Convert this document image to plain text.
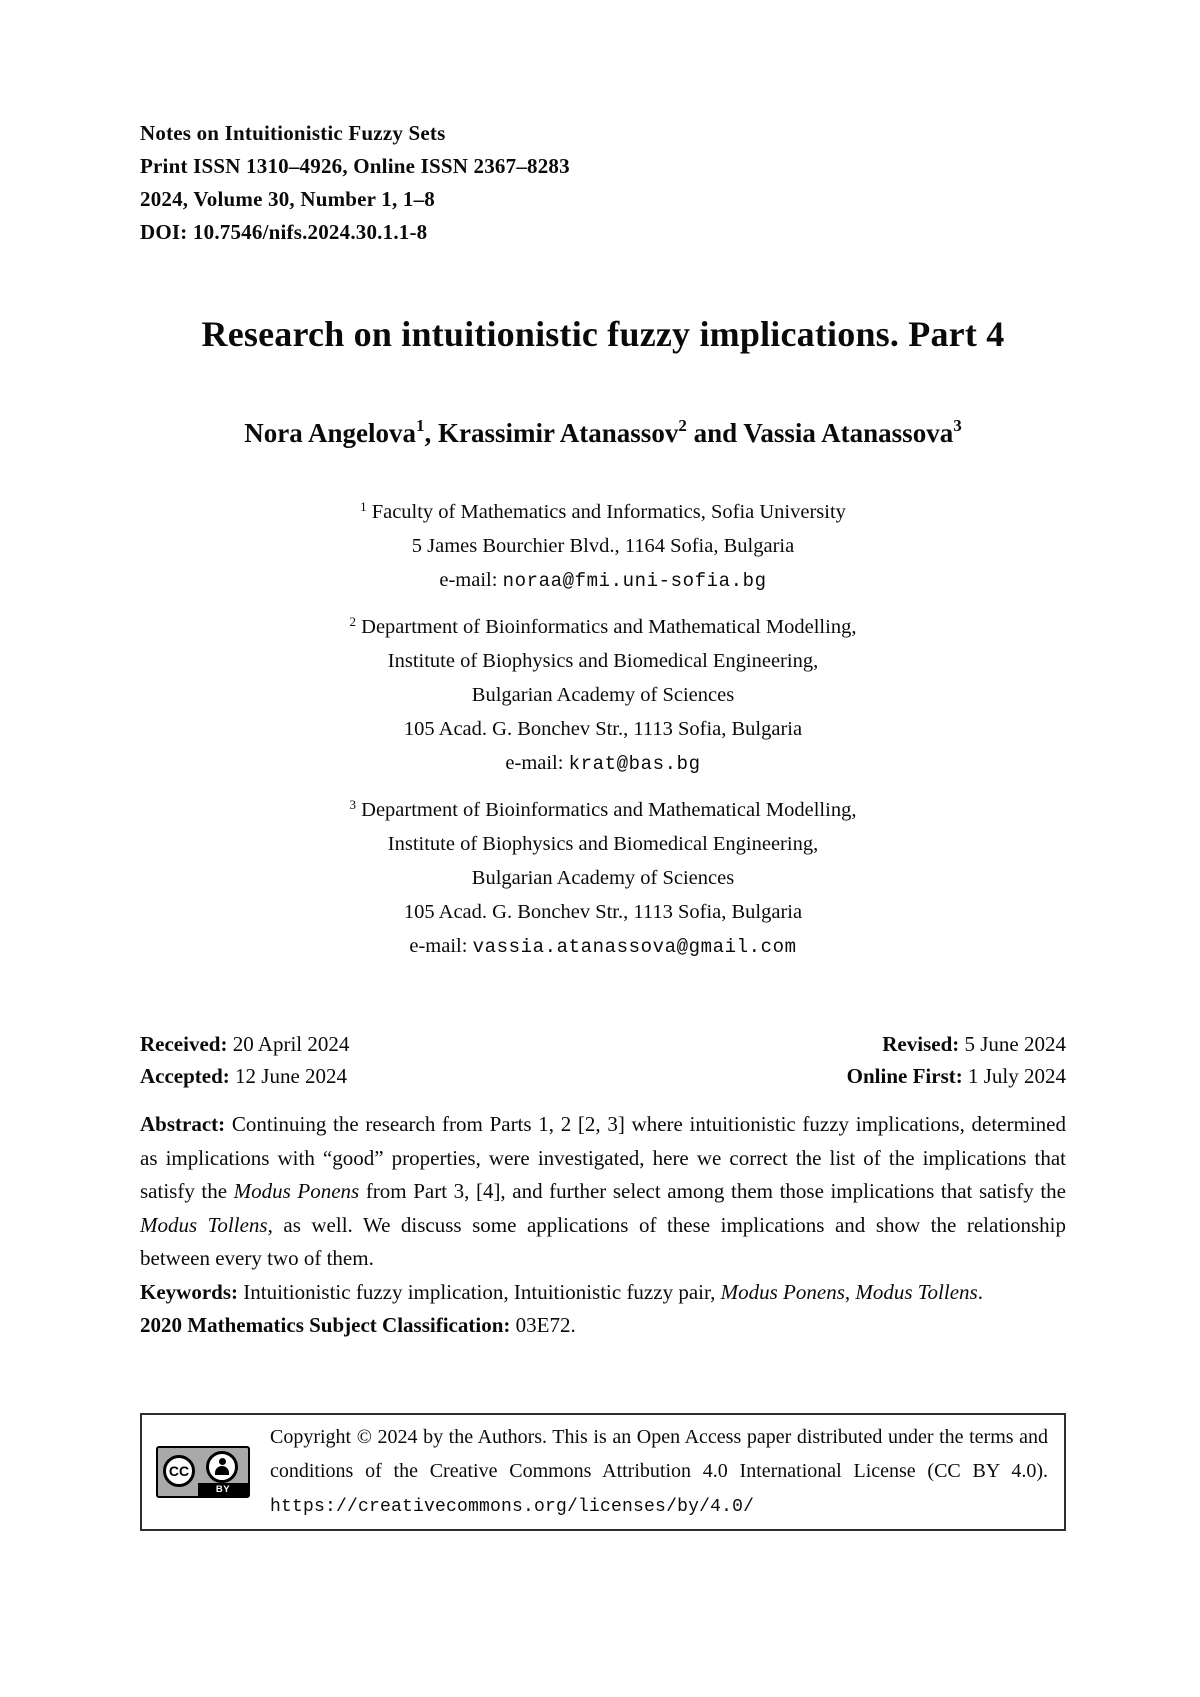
Notes on Intuitionistic Fuzzy Sets
Print ISSN 1310–4926, Online ISSN 2367–8283
2024, Volume 30, Number 1, 1–8
DOI: 10.7546/nifs.2024.30.1.1-8
Research on intuitionistic fuzzy implications. Part 4
Nora Angelova$^1$, Krassimir Atanassov$^2$ and Vassia Atanassova$^3$
$^1$ Faculty of Mathematics and Informatics, Sofia University
5 James Bourchier Blvd., 1164 Sofia, Bulgaria
e-mail: noraa@fmi.uni-sofia.bg
$^2$ Department of Bioinformatics and Mathematical Modelling,
Institute of Biophysics and Biomedical Engineering,
Bulgarian Academy of Sciences
105 Acad. G. Bonchev Str., 1113 Sofia, Bulgaria
e-mail: krat@bas.bg
$^3$ Department of Bioinformatics and Mathematical Modelling,
Institute of Biophysics and Biomedical Engineering,
Bulgarian Academy of Sciences
105 Acad. G. Bonchev Str., 1113 Sofia, Bulgaria
e-mail: vassia.atanassova@gmail.com
Received: 20 April 2024
Accepted: 12 June 2024
Revised: 5 June 2024
Online First: 1 July 2024

Abstract: Continuing the research from Parts 1, 2 [2, 3] where intuitionistic fuzzy implications, determined as implications with “good” properties, were investigated, here we correct the list of the implications that satisfy the Modus Ponens from Part 3, [4], and further select among them those implications that satisfy the Modus Tollens, as well. We discuss some applications of these implications and show the relationship between every two of them.

Keywords: Intuitionistic fuzzy implication, Intuitionistic fuzzy pair, Modus Ponens, Modus Tollens.

2020 Mathematics Subject Classification: 03E72.

CC
BY
Copyright © 2024 by the Authors. This is an Open Access paper distributed under the terms and conditions of the Creative Commons Attribution 4.0 International License (CC BY 4.0). https://creativecommons.org/licenses/by/4.0/
